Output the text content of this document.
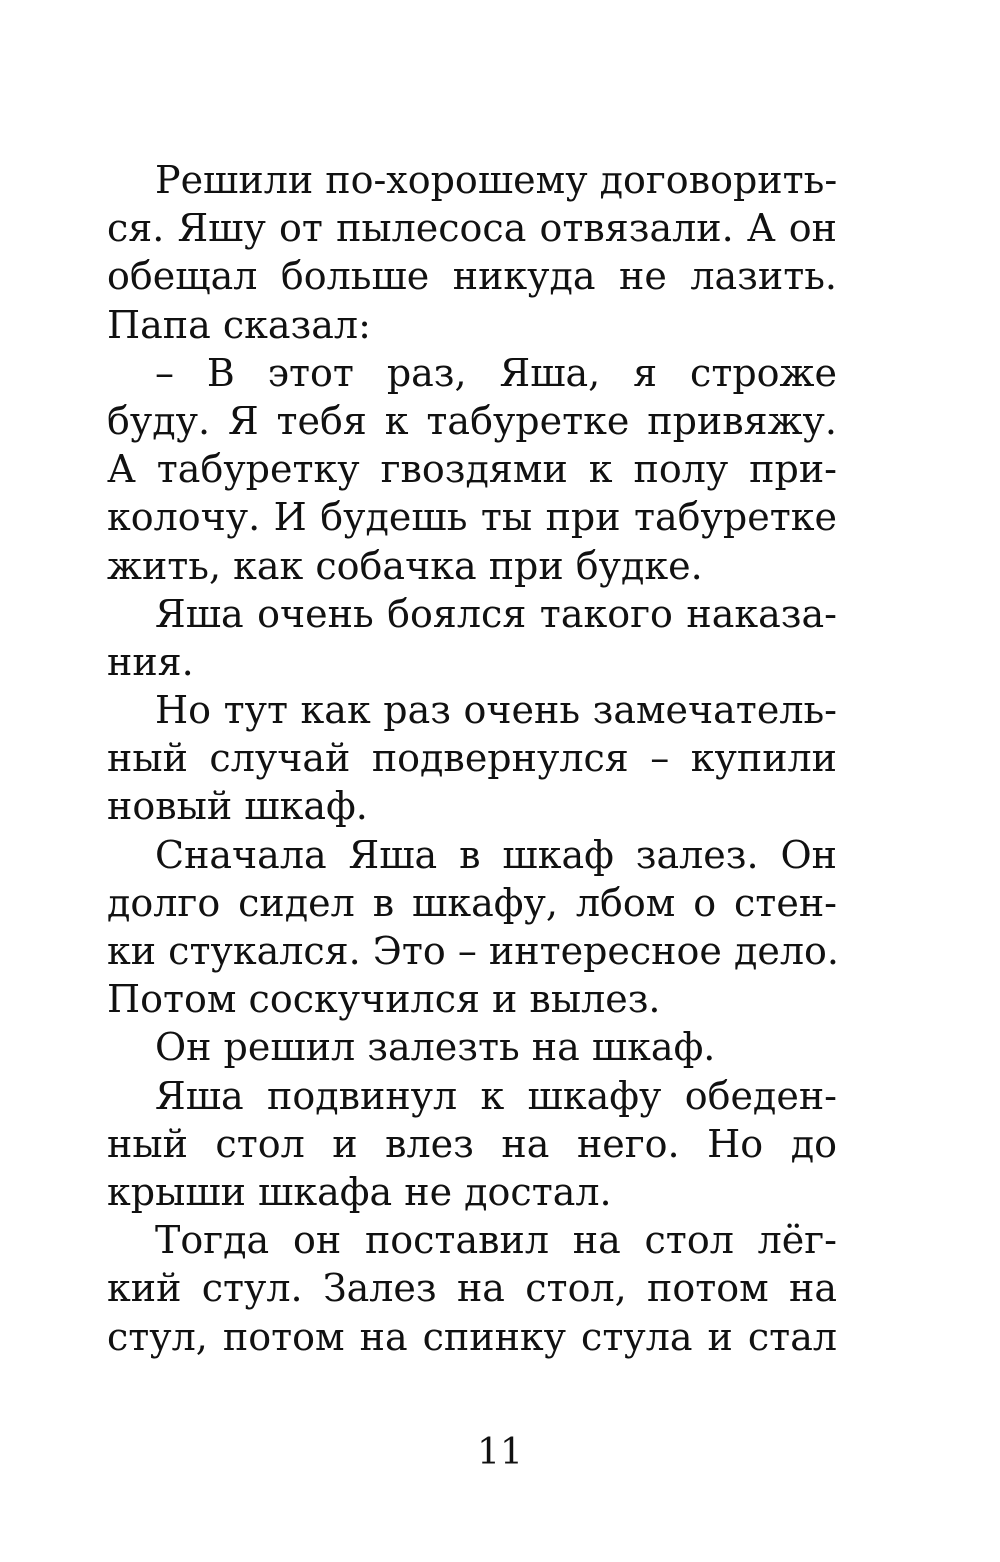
Решили по-хорошему договорить-
ся. Яшу от пылесоса отвязали. А он
обещал больше никуда не лазить.
Папа сказал:
– В этот раз, Яша, я строже
буду. Я тебя к табуретке привяжу.
А табуретку гвоздями к полу при-
колочу. И будешь ты при табуретке
жить, как собачка при будке.
Яша очень боялся такого наказа-
ния.
Но тут как раз очень замечатель-
ный случай подвернулся – купили
новый шкаф.
Сначала Яша в шкаф залез. Он
долго сидел в шкафу, лбом о стен-
ки стукался. Это – интересное дело.
Потом соскучился и вылез.
Он решил залезть на шкаф.
Яша подвинул к шкафу обеден-
ный стол и влез на него. Но до
крыши шкафа не достал.
Тогда он поставил на стол лёг-
кий стул. Залез на стол, потом на
стул, потом на спинку стула и стал
11
